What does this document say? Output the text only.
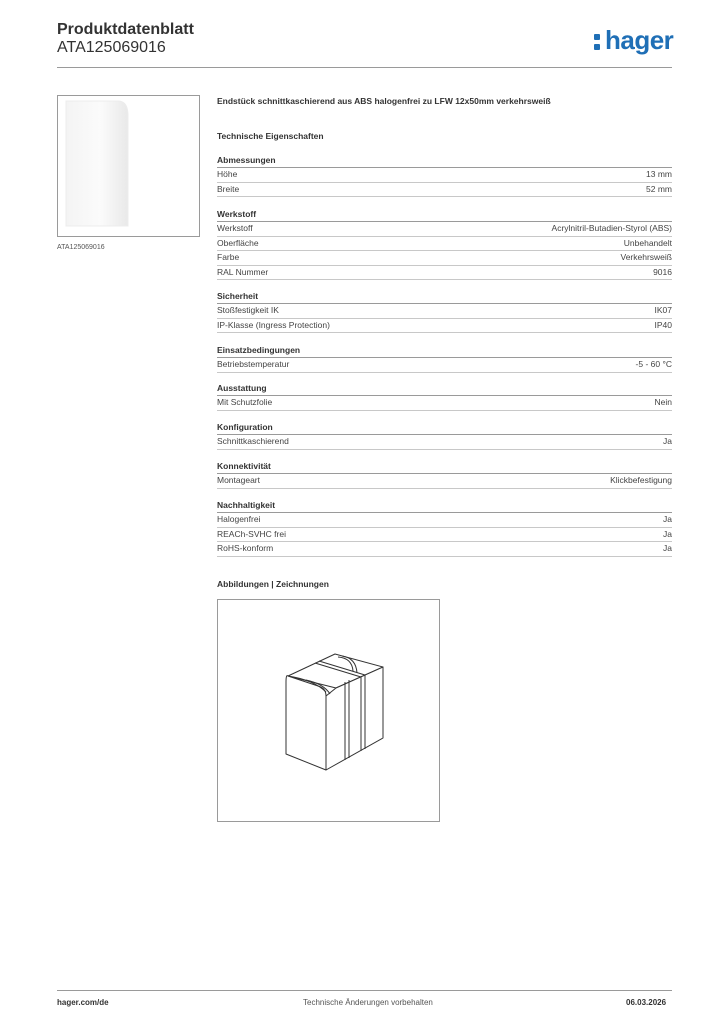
Produktdatenblatt
ATA125069016	hager
ATA125069016
Endstück schnittkaschierend aus ABS halogenfrei zu LFW 12x50mm verkehrsweiß
Technische Eigenschaften
Abmessungen
Höhe	13 mm
Breite	52 mm
Werkstoff
Werkstoff	Acrylnitril-Butadien-Styrol (ABS)
Oberfläche	Unbehandelt
Farbe	Verkehrsweiß
RAL Nummer	9016
Sicherheit
Stoßfestigkeit IK	IK07
IP-Klasse (Ingress Protection)	IP40
Einsatzbedingungen
Betriebstemperatur	-5 - 60 °C
Ausstattung
Mit Schutzfolie	Nein
Konfiguration
Schnittkaschierend	Ja
Konnektivität
Montageart	Klickbefestigung
Nachhaltigkeit
Halogenfrei	Ja
REACh-SVHC frei	Ja
RoHS-konform	Ja
Abbildungen | Zeichnungen
hager.com/de	Technische Änderungen vorbehalten	06.03.2026
